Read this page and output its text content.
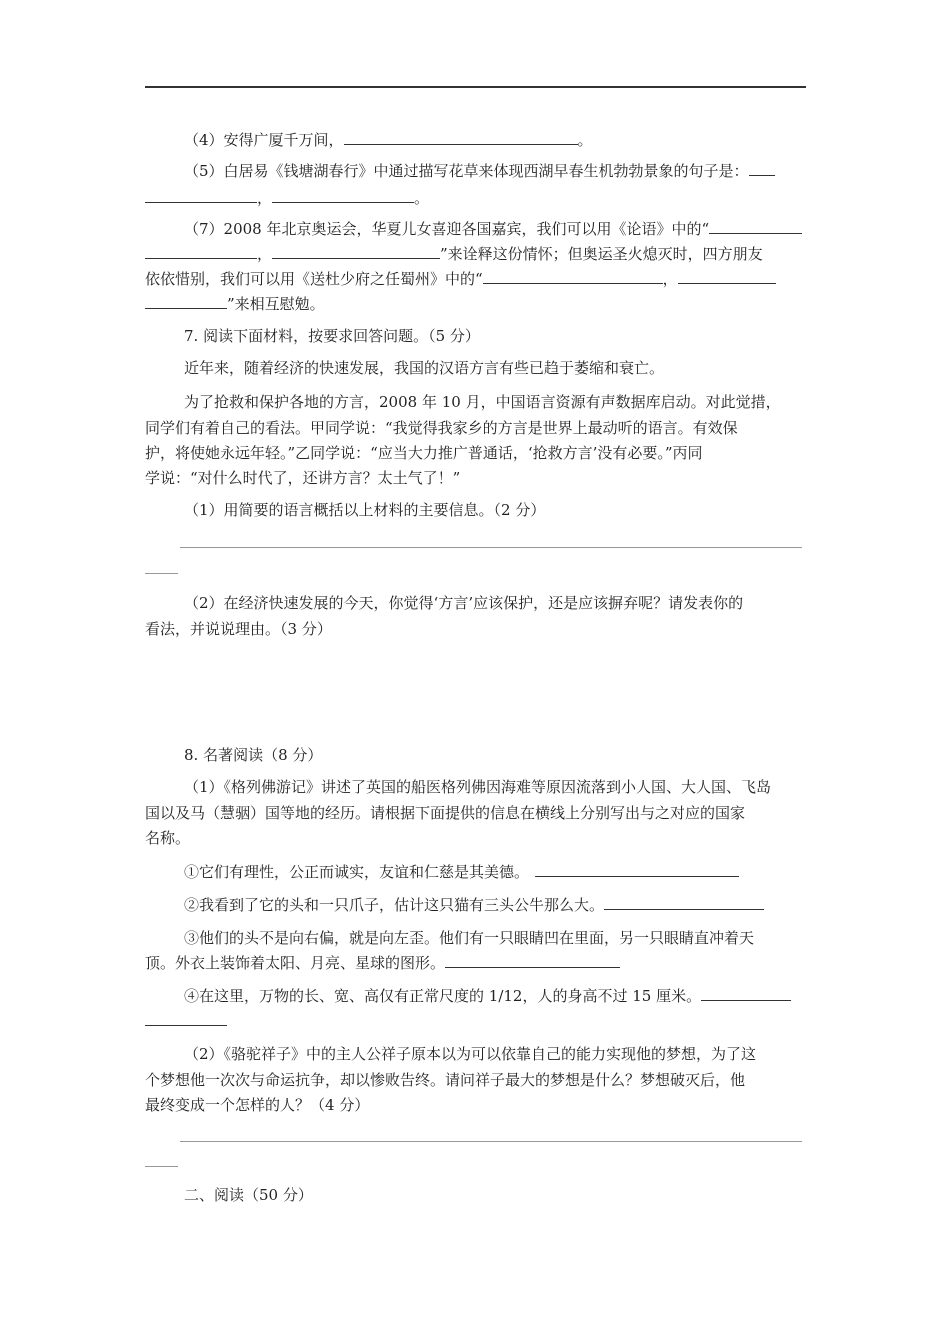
（4）安得广厦千万间，	。
（5）白居易《钱塘湖春行》中通过描写花草来体现西湖早春生机勃勃景象的句子是：
，	。
（7）2008 年北京奥运会，华夏儿女喜迎各国嘉宾，我们可以用《论语》中的“
，	”来诠释这份情怀；但奥运圣火熄灭时，四方朋友
依依惜别，我们可以用《送杜少府之任蜀州》中的“	，
”来相互慰勉。
7. 阅读下面材料，按要求回答问题。（5 分）
近年来，随着经济的快速发展，我国的汉语方言有些已趋于萎缩和衰亡。
为了抢救和保护各地的方言，2008 年 10 月，中国语言资源有声数据库启动。对此觉措，
同学们有着自己的看法。甲同学说：“我觉得我家乡的方言是世界上最动听的语言。有效保
护，将使她永远年轻。”乙同学说：“应当大力推广普通话，‘抢救方言’没有必要。”丙同
学说：“对什么时代了，还讲方言？太土气了！”
（1）用简要的语言概括以上材料的主要信息。（2 分）
（2）在经济快速发展的今天，你觉得‘方言’应该保护，还是应该摒弃呢？请发表你的
看法，并说说理由。（3 分）
8. 名著阅读（8 分）
（1）《格列佛游记》讲述了英国的船医格列佛因海难等原因流落到小人国、大人国、飞岛
国以及马（慧骃）国等地的经历。请根据下面提供的信息在横线上分别写出与之对应的国家
名称。
①它们有理性，公正而诚实，友谊和仁慈是其美德。
②我看到了它的头和一只爪子，估计这只猫有三头公牛那么大。
③他们的头不是向右偏，就是向左歪。他们有一只眼睛凹在里面，另一只眼睛直冲着天
顶。外衣上装饰着太阳、月亮、星球的图形。
④在这里，万物的长、宽、高仅有正常尺度的 1/12，人的身高不过 15 厘米。
（2）《骆驼祥子》中的主人公祥子原本以为可以依靠自己的能力实现他的梦想，为了这
个梦想他一次次与命运抗争，却以惨败告终。请问祥子最大的梦想是什么？梦想破灭后，他
最终变成一个怎样的人？（4 分）
二、阅读（50 分）
